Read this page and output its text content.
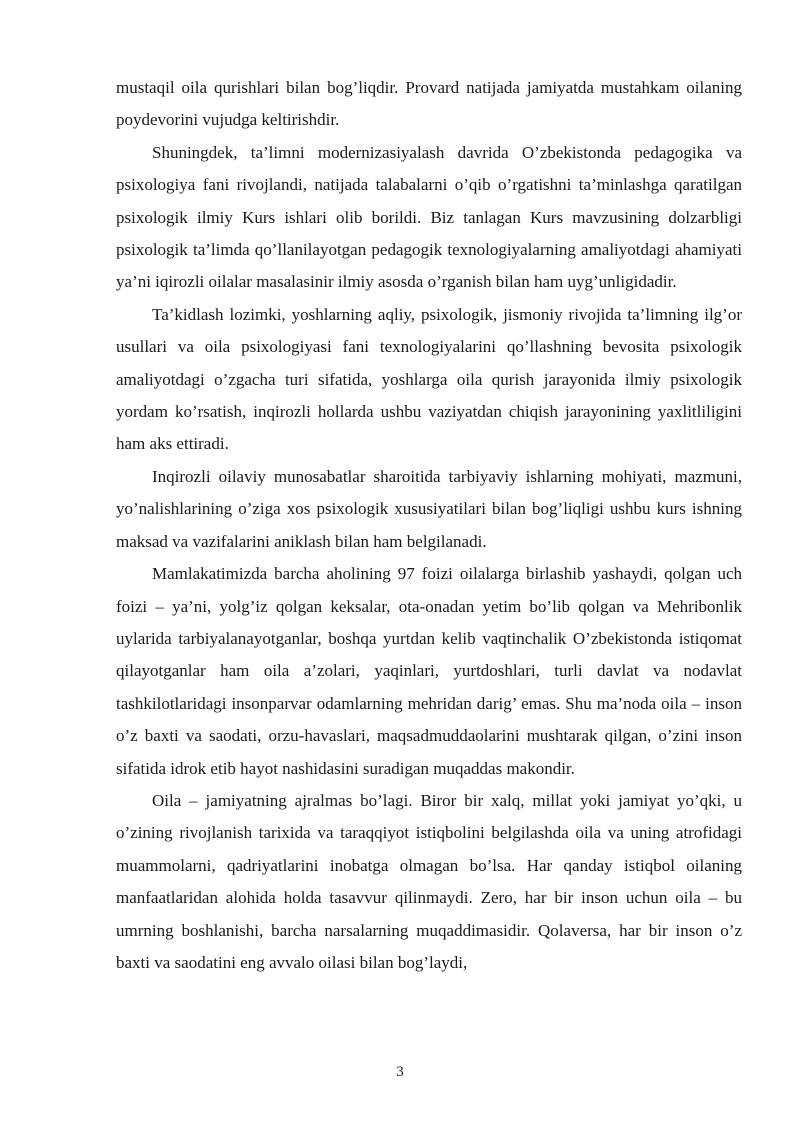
mustaqil oila qurishlari bilan bog’liqdir. Provard natijada jamiyatda mustahkam oilaning poydevorini vujudga keltirishdir.

Shuningdek, ta’limni modernizasiyalash davrida O’zbekistonda pedagogika va psixologiya fani rivojlandi, natijada talabalarni o’qib o’rgatishni ta’minlashga qaratilgan psixologik ilmiy Kurs ishlari olib borildi. Biz tanlagan Kurs mavzusining dolzarbligi psixologik ta’limda qo’llanilayotgan pedagogik texnologiyalarning amaliyotdagi ahamiyati ya’ni iqirozli oilalar masalasinir ilmiy asosda o’rganish bilan ham uyg’unligidadir.

Ta’kidlash lozimki, yoshlarning aqliy, psixologik, jismoniy rivojida ta’limning ilg’or usullari va oila psixologiyasi fani texnologiyalarini qo’llashning bevosita psixologik amaliyotdagi o’zgacha turi sifatida, yoshlarga oila qurish jarayonida ilmiy psixologik yordam ko’rsatish, inqirozli hollarda ushbu vaziyatdan chiqish jarayonining yaxlitliligini ham aks ettiradi.

Inqirozli oilaviy munosabatlar sharoitida tarbiyaviy ishlarning mohiyati, mazmuni, yo’nalishlarining o’ziga xos psixologik xususiyatilari bilan bog’liqligi ushbu kurs ishning maksad va vazifalarini aniklash bilan ham belgilanadi.

Mamlakatimizda barcha aholining 97 foizi oilalarga birlashib yashaydi, qolgan uch foizi – ya’ni, yolg’iz qolgan keksalar, ota-onadan yetim bo’lib qolgan va Mehribonlik uylarida tarbiyalanayotganlar, boshqa yurtdan kelib vaqtinchalik O’zbekistonda istiqomat qilayotganlar ham oila a’zolari, yaqinlari, yurtdoshlari, turli davlat va nodavlat tashkilotlaridagi insonparvar odamlarning mehridan darig’ emas. Shu ma’noda oila – inson o’z baxti va saodati, orzu-havaslari, maqsadmuddaolarini mushtarak qilgan, o’zini inson sifatida idrok etib hayot nashidasini suradigan muqaddas makondir.

Oila – jamiyatning ajralmas bo’lagi. Biror bir xalq, millat yoki jamiyat yo’qki, u o’zining rivojlanish tarixida va taraqqiyot istiqbolini belgilashda oila va uning atrofidagi muammolarni, qadriyatlarini inobatga olmagan bo’lsa. Har qanday istiqbol oilaning manfaatlaridan alohida holda tasavvur qilinmaydi. Zero, har bir inson uchun oila – bu umrning boshlanishi, barcha narsalarning muqaddimasidir. Qolaversa, har bir inson o’z baxti va saodatini eng avvalo oilasi bilan bog’laydi,

3
